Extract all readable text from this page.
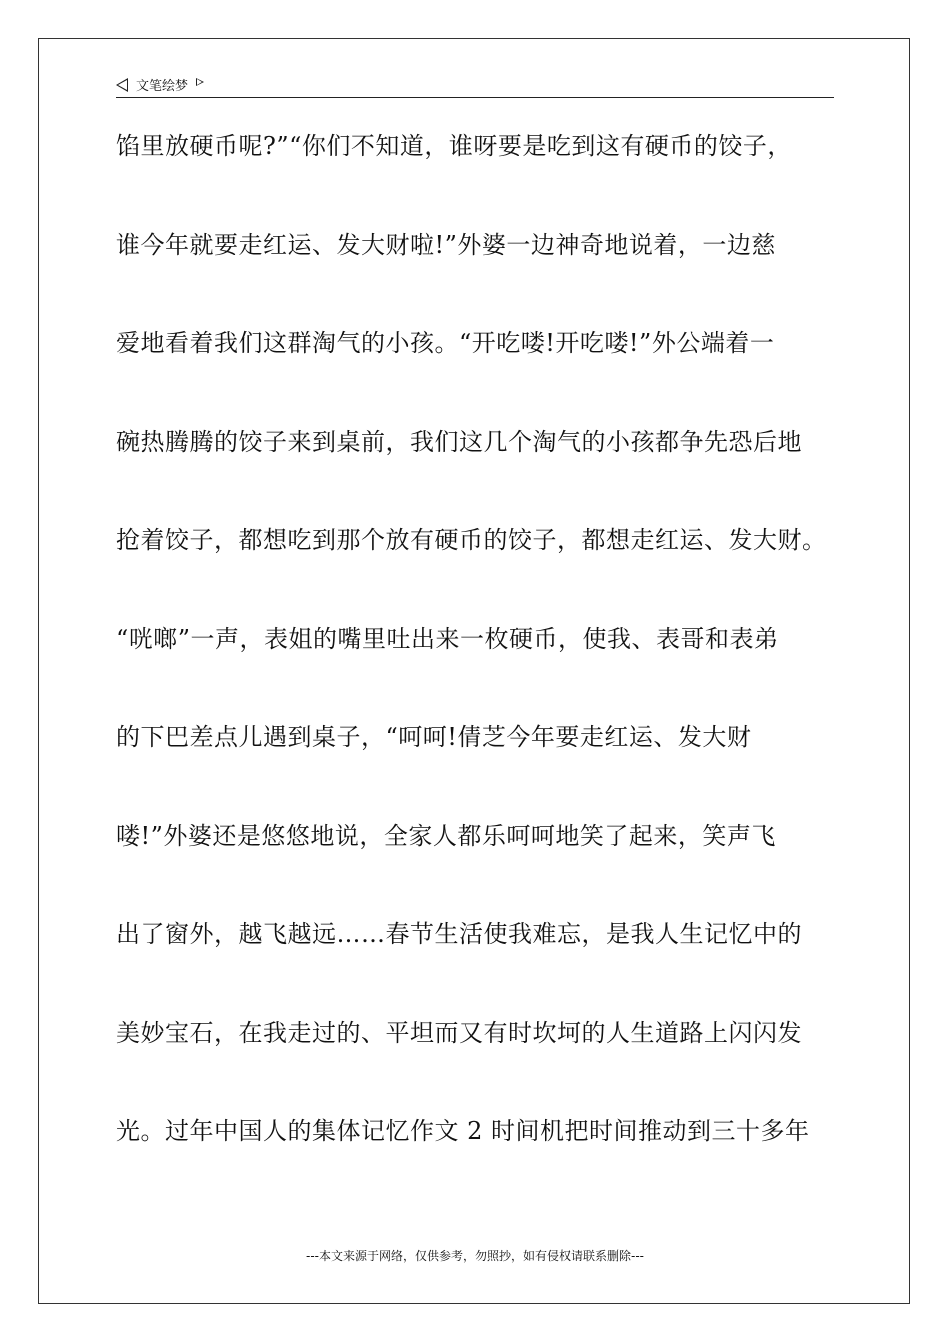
文笔绘梦
馅里放硬币呢?”“你们不知道，谁呀要是吃到这有硬币的饺子，
谁今年就要走红运、发大财啦!”外婆一边神奇地说着，一边慈
爱地看着我们这群淘气的小孩。“开吃喽!开吃喽!”外公端着一
碗热腾腾的饺子来到桌前，我们这几个淘气的小孩都争先恐后地
抢着饺子，都想吃到那个放有硬币的饺子，都想走红运、发大财。
“咣啷”一声，表姐的嘴里吐出来一枚硬币，使我、表哥和表弟
的下巴差点儿遇到桌子，“呵呵!倩芝今年要走红运、发大财
喽!”外婆还是悠悠地说，全家人都乐呵呵地笑了起来，笑声飞
出了窗外，越飞越远……春节生活使我难忘，是我人生记忆中的
美妙宝石，在我走过的、平坦而又有时坎坷的人生道路上闪闪发
光。过年中国人的集体记忆作文 2 时间机把时间推动到三十多年
---本文来源于网络，仅供参考，勿照抄，如有侵权请联系删除---
